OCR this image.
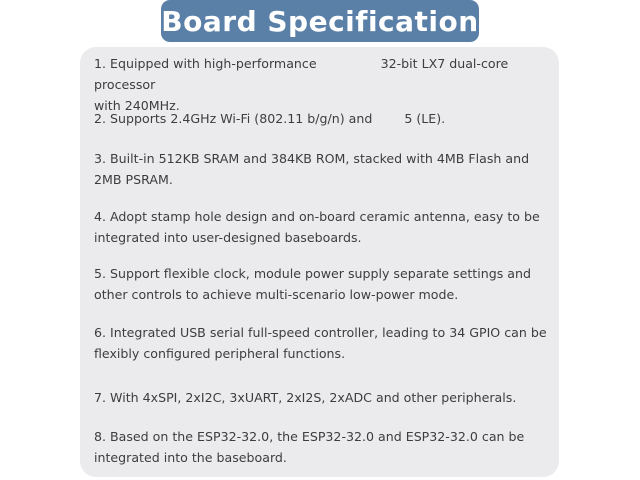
Board Specification

1. Equipped with high-performance	32-bit LX7 dual-core processor
with 240MHz.

2. Supports 2.4GHz Wi-Fi (802.11 b/g/n) and	5 (LE).

3. Built-in 512KB SRAM and 384KB ROM, stacked with 4MB Flash and 2MB PSRAM.

4. Adopt stamp hole design and on-board ceramic antenna, easy to be integrated into user-designed baseboards.

5. Support flexible clock, module power supply separate settings and other controls to achieve multi-scenario low-power mode.

6. Integrated USB serial full-speed controller, leading to 34 GPIO can be flexibly configured peripheral functions.

7. With 4xSPI, 2xI2C, 3xUART, 2xI2S, 2xADC and other peripherals.

8. Based on the ESP32-32.0, the ESP32-32.0 and ESP32-32.0 can be integrated into the baseboard.
